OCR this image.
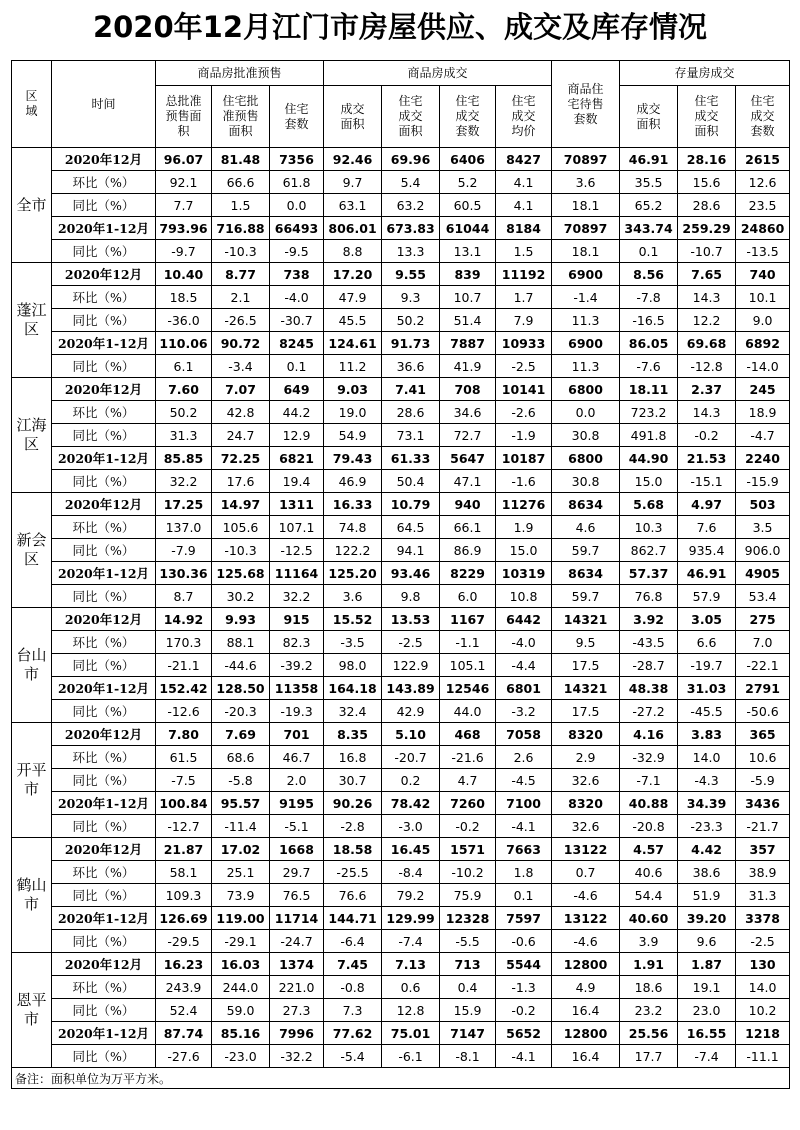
2020年12月江门市房屋供应、成交及库存情况
区域	时间	商品房批准预售			商品房成交				商品住宅待售套数	存量房成交		
		总批准预售面积	住宅批准预售面积	住宅套数	成交面积	住宅成交面积	住宅成交套数	住宅成交均价		成交面积	住宅成交面积	住宅成交套数
全市	2020年12月	96.07	81.48	7356	92.46	69.96	6406	8427	70897	46.91	28.16	2615
	环比（%）	92.1	66.6	61.8	9.7	5.4	5.2	4.1	3.6	35.5	15.6	12.6
	同比（%）	7.7	1.5	0.0	63.1	63.2	60.5	4.1	18.1	65.2	28.6	23.5
	2020年1-12月	793.96	716.88	66493	806.01	673.83	61044	8184	70897	343.74	259.29	24860
	同比（%）	-9.7	-10.3	-9.5	8.8	13.3	13.1	1.5	18.1	0.1	-10.7	-13.5
蓬江区	2020年12月	10.40	8.77	738	17.20	9.55	839	11192	6900	8.56	7.65	740
	环比（%）	18.5	2.1	-4.0	47.9	9.3	10.7	1.7	-1.4	-7.8	14.3	10.1
	同比（%）	-36.0	-26.5	-30.7	45.5	50.2	51.4	7.9	11.3	-16.5	12.2	9.0
	2020年1-12月	110.06	90.72	8245	124.61	91.73	7887	10933	6900	86.05	69.68	6892
	同比（%）	6.1	-3.4	0.1	11.2	36.6	41.9	-2.5	11.3	-7.6	-12.8	-14.0
江海区	2020年12月	7.60	7.07	649	9.03	7.41	708	10141	6800	18.11	2.37	245
	环比（%）	50.2	42.8	44.2	19.0	28.6	34.6	-2.6	0.0	723.2	14.3	18.9
	同比（%）	31.3	24.7	12.9	54.9	73.1	72.7	-1.9	30.8	491.8	-0.2	-4.7
	2020年1-12月	85.85	72.25	6821	79.43	61.33	5647	10187	6800	44.90	21.53	2240
	同比（%）	32.2	17.6	19.4	46.9	50.4	47.1	-1.6	30.8	15.0	-15.1	-15.9
新会区	2020年12月	17.25	14.97	1311	16.33	10.79	940	11276	8634	5.68	4.97	503
	环比（%）	137.0	105.6	107.1	74.8	64.5	66.1	1.9	4.6	10.3	7.6	3.5
	同比（%）	-7.9	-10.3	-12.5	122.2	94.1	86.9	15.0	59.7	862.7	935.4	906.0
	2020年1-12月	130.36	125.68	11164	125.20	93.46	8229	10319	8634	57.37	46.91	4905
	同比（%）	8.7	30.2	32.2	3.6	9.8	6.0	10.8	59.7	76.8	57.9	53.4
台山市	2020年12月	14.92	9.93	915	15.52	13.53	1167	6442	14321	3.92	3.05	275
	环比（%）	170.3	88.1	82.3	-3.5	-2.5	-1.1	-4.0	9.5	-43.5	6.6	7.0
	同比（%）	-21.1	-44.6	-39.2	98.0	122.9	105.1	-4.4	17.5	-28.7	-19.7	-22.1
	2020年1-12月	152.42	128.50	11358	164.18	143.89	12546	6801	14321	48.38	31.03	2791
	同比（%）	-12.6	-20.3	-19.3	32.4	42.9	44.0	-3.2	17.5	-27.2	-45.5	-50.6
开平市	2020年12月	7.80	7.69	701	8.35	5.10	468	7058	8320	4.16	3.83	365
	环比（%）	61.5	68.6	46.7	16.8	-20.7	-21.6	2.6	2.9	-32.9	14.0	10.6
	同比（%）	-7.5	-5.8	2.0	30.7	0.2	4.7	-4.5	32.6	-7.1	-4.3	-5.9
	2020年1-12月	100.84	95.57	9195	90.26	78.42	7260	7100	8320	40.88	34.39	3436
	同比（%）	-12.7	-11.4	-5.1	-2.8	-3.0	-0.2	-4.1	32.6	-20.8	-23.3	-21.7
鹤山市	2020年12月	21.87	17.02	1668	18.58	16.45	1571	7663	13122	4.57	4.42	357
	环比（%）	58.1	25.1	29.7	-25.5	-8.4	-10.2	1.8	0.7	40.6	38.6	38.9
	同比（%）	109.3	73.9	76.5	76.6	79.2	75.9	0.1	-4.6	54.4	51.9	31.3
	2020年1-12月	126.69	119.00	11714	144.71	129.99	12328	7597	13122	40.60	39.20	3378
	同比（%）	-29.5	-29.1	-24.7	-6.4	-7.4	-5.5	-0.6	-4.6	3.9	9.6	-2.5
恩平市	2020年12月	16.23	16.03	1374	7.45	7.13	713	5544	12800	1.91	1.87	130
	环比（%）	243.9	244.0	221.0	-0.8	0.6	0.4	-1.3	4.9	18.6	19.1	14.0
	同比（%）	52.4	59.0	27.3	7.3	12.8	15.9	-0.2	16.4	23.2	23.0	10.2
	2020年1-12月	87.74	85.16	7996	77.62	75.01	7147	5652	12800	25.56	16.55	1218
	同比（%）	-27.6	-23.0	-32.2	-5.4	-6.1	-8.1	-4.1	16.4	17.7	-7.4	-11.1
备注：面积单位为万平方米。												
